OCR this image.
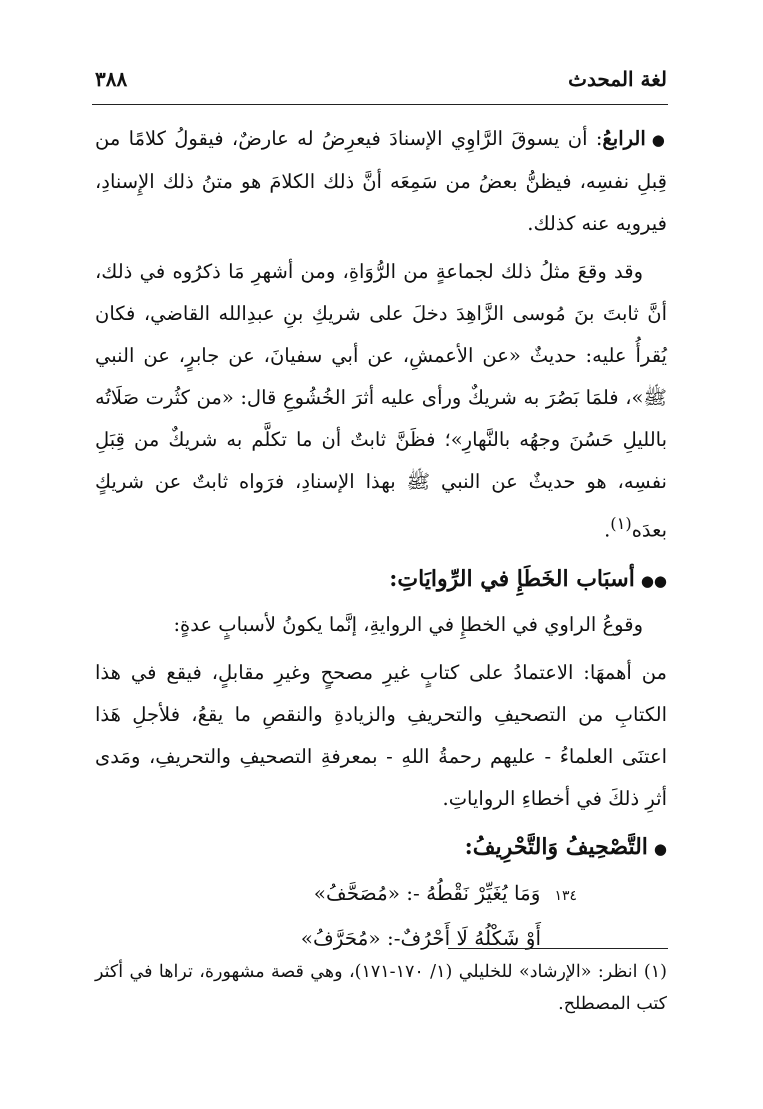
لغة المحدث
٣٨٨

●الرابعُ: أن يسوقَ الرَّاوِي الإسنادَ فيعرِضُ له عارضٌ، فيقولُ كلامًا من قِبلِ نفسِه، فيظنُّ بعضُ من سَمِعَه أنَّ ذلك الكلامَ هو متنُ ذلك الإِسنادِ، فيرويه عنه كذلك.

وقد وقعَ مثلُ ذلك لجماعةٍ من الرُّوَاةِ، ومن أشهرِ مَا ذكرُوه في ذلك، أنَّ ثابتَ بنَ مُوسى الزَّاهِدَ دخلَ على شريكِ بنِ عبدِالله القاضي، فكان يُقرأُ عليه: حديثٌ «عن الأعمشِ، عن أبي سفيانَ، عن جابرٍ، عن النبي ﷺ»، فلمَا بَصُرَ به شريكٌ ورأى عليه أثرَ الخُشُوعِ قال: «من كثُرت صَلَاتُه بالليلِ حَسُنَ وجهُه بالنَّهارِ»؛ فظَنَّ ثابتٌ أن ما تكلَّم به شريكٌ من قِبَلِ نفسِه، هو حديثٌ عن النبي ﷺ بهذا الإسنادِ، فرَواه ثابتٌ عن شريكٍ بعدَه$^{(١)}$.

●●أسبَاب الخَطَإِ في الرِّوايَاتِ:

وقوعُ الراوي في الخطإِ في الروايةِ، إنَّما يكونُ لأسبابٍ عدةٍ:

من أهمهَا: الاعتمادُ على كتابٍ غيرِ مصححٍ وغيرِ مقابلٍ، فيقع في هذا الكتابِ من التصحيفِ والتحريفِ والزيادةِ والنقصِ ما يقعُ، فلأجلِ هَذا اعتنَى العلماءُ - عليهم رحمةُ اللهِ - بمعرفةِ التصحيفِ والتحريفِ، ومَدى أثرِ ذلكَ في أخطاءِ الرواياتِ.

●التَّصْحِيفُ وَالتَّحْرِيفُ:

١٣٤
وَمَا يُغَيِّرْ نَقْطُهُ -: «مُصَحَّفُ»
أَوْ شَكْلُهُ لَا أَحْرُفٌ-: «مُحَرَّفُ»
(١) انظر: «الإرشاد» للخليلي (١/ ١٧٠-١٧١)، وهي قصة مشهورة، تراها في أكثر كتب المصطلح.
